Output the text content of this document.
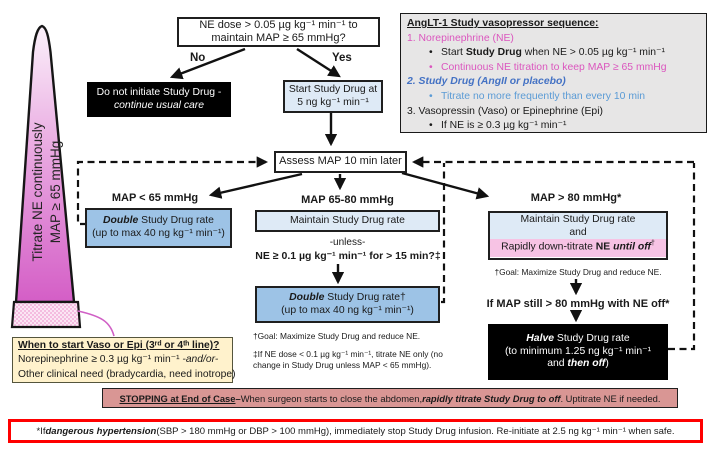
Titrate NE continuously MAP ≥ 65 mmHg
NE dose > 0.05 µg kg⁻¹ min⁻¹ to
maintain MAP ≥ 65 mmHg?
No	Yes
Do not initiate Study Drug -
continue usual care
Start Study Drug at
5 ng kg⁻¹ min⁻¹
Assess MAP 10 min later
AngLT-1 Study vasopressor sequence:
1. Norepinephrine (NE)
• Start Study Drug when NE > 0.05 µg kg⁻¹ min⁻¹
• Continuous NE titration to keep MAP ≥ 65 mmHg
2. Study Drug (AngII or placebo)
• Titrate no more frequently than every 10 min
3. Vasopressin (Vaso) or Epinephrine (Epi)
• If NE is ≥ 0.3 µg kg⁻¹ min⁻¹
MAP < 65 mmHg
Double Study Drug rate
(up to max 40 ng kg⁻¹ min⁻¹)
MAP 65-80 mmHg
Maintain Study Drug rate
-unless-
NE ≥ 0.1 µg kg⁻¹ min⁻¹ for > 15 min?‡
Double Study Drug rate†
(up to max 40 ng kg⁻¹ min⁻¹)
†Goal: Maximize Study Drug and reduce NE.
‡If NE dose < 0.1 µg kg⁻¹ min⁻¹, titrate NE only (no
change in Study Drug unless MAP < 65 mmHg).
MAP > 80 mmHg*
Maintain Study Drug rate
and
Rapidly down-titrate NE until off†
†Goal: Maximize Study Drug and reduce NE.
If MAP still > 80 mmHg with NE off*
Halve Study Drug rate
(to minimum 1.25 ng kg⁻¹ min⁻¹
and then off)
When to start Vaso or Epi (3ʳᵈ or 4ᵗʰ line)?
Norepinephrine ≥ 0.3 µg kg⁻¹ min⁻¹ -and/or-
Other clinical need (bradycardia, need inotrope)
STOPPING at End of Case – When surgeon starts to close the abdomen, rapidly titrate Study Drug to off . Uptitrate NE if needed.
*If dangerous hypertension (SBP > 180 mmHg or DBP > 100 mmHg), immediately stop Study Drug infusion. Re-initiate at 2.5 ng kg⁻¹ min⁻¹ when safe.
